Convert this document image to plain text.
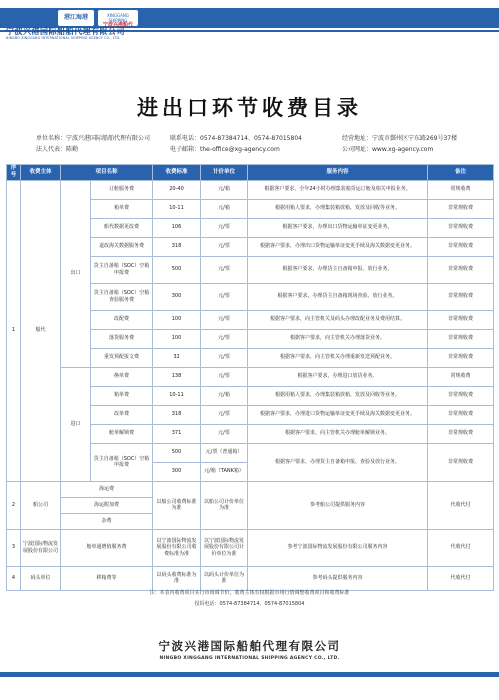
港江海港	XINGGANG SHIPPING
宁波兴港船代
宁波兴港国际船舶代理有限公司
NINGBO XINGGANG INTERNATIONAL SHIPPING AGENCY CO., LTD.
进出口环节收费目录
单位名称：宁波兴港国际船舶代理有限公司	联系电话：0574-87384714、0574-87015804	经营地址：宁波市鄞州区宁东路269号37楼
法人代表：陈勤	电子邮箱：the-office@xg-agency.com	公司网址：www.xg-agency.com
序号	收费主体	项目名称		收费标准	计价单位	服务内容	备注
1	船代	出口	订舱服务费	20-40	元/箱	根据客户要求，全年24小时办理集装箱货运订舱及相关申报业务。	常规收费
			箱单费	10-11	元/箱	根据用箱人要求，办理集装箱放箱、发放及回收等业务。	非常规收费
			船代数据更改费	106	元/票	根据客户要求，办理出口货物运输单证变更业务。	非常规收费
			退改海关数据服务费	318	元/票	根据客户要求，办理出口货物运输单证变更手续及海关数据变更业务。	非常规收费
			货主自备箱（SOC）空箱申报费	500	元/票	根据客户要求，办理货主自备箱申报、放行业务。	非常规收费
			货主自备箱（SOC）空箱查验服务费	300	元/票	根据客户要求，办理货主自备箱现场查验、放行业务。	非常规收费
			改配费	100	元/票	根据客户要求，向主管机关及码头办理改配业务及费用结算。	非常规收费
			落货服务费	100	元/票	根据客户要求，向主管机关办理落货业务。	非常规收费
			重发预配报文费	32	元/票	根据客户要求，向主管机关办理重新发送预配业务。	非常规收费
		进口	换单费	138	元/票	根据客户要求，办理进口放货业务。	常规收费
			箱单费	10-11	元/箱	根据用箱人要求，办理集装箱放箱、发放及回收等业务。	非常规收费
			改单费	318	元/票	根据客户要求，办理进口货物运输单证变更手续及海关数据变更业务。	非常规收费
			舱单解锁费	371	元/票	根据客户要求，向主管机关办理舱单解锁业务。	非常规收费
			货主自备箱（SOC）空箱申报费	500	元/票（普通箱）	根据客户要求，办理货主自备箱申报、查验及放行业务。	非常规收费
				300	元/箱（TANK箱）		
2	船公司	海运费		以船公司收费标准为准	以船公司计价单位为准	参考船公司提供服务内容	代收代付
		海运附加费					
		杂费					
3	宁波国际物流发展股份有限公司	舱单通增值服务费		以宁波国际物流发展股份有限公司收费标准为准	以宁波国际物流发展股份有限公司计价单位为准	参考宁波国际物流发展股份有限公司服务内容	代收代付
4	码头单位	移箱费等		以码头收费标准为准	以码头计价单位为准	参考码头提供服务内容	代收代付
注：本表内收费项目实行市场调节价，收费主体有权根据市场行情调整收费项目和收费标准
投诉电话：0574-87384714、0574-87015804
宁波兴港国际船舶代理有限公司
NINGBO XINGGANG INTERNATIONAL SHIPPING AGENCY CO., LTD.
